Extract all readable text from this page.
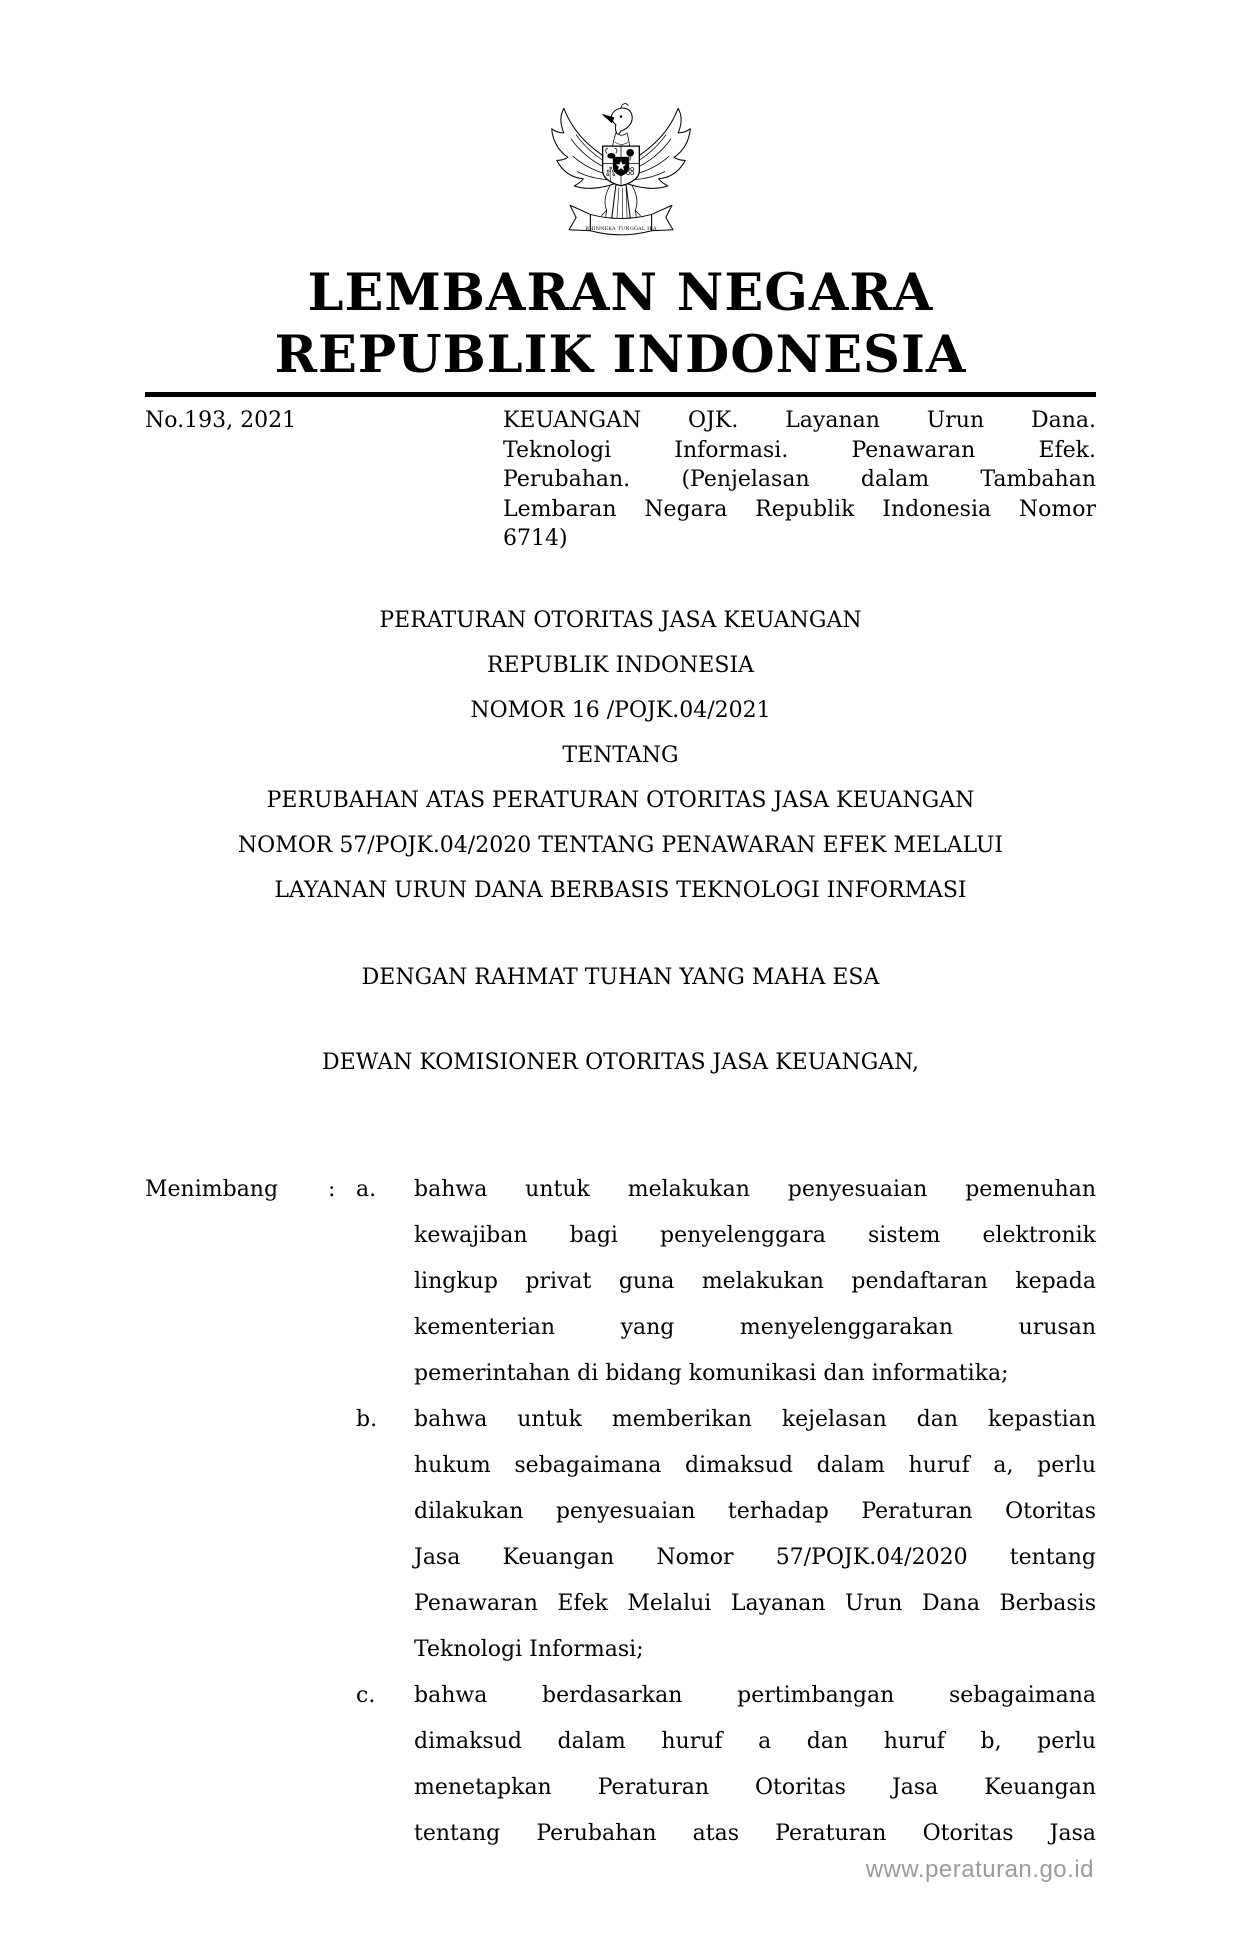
BHINNEKA TUNGGAL IKA
LEMBARAN NEGARA
REPUBLIK INDONESIA
No.193, 2021	KEUANGAN OJK. Layanan Urun Dana.
Teknologi Informasi. Penawaran Efek.
Perubahan. (Penjelasan dalam Tambahan
Lembaran Negara Republik Indonesia Nomor
6714)
PERATURAN OTORITAS JASA KEUANGAN
REPUBLIK INDONESIA
NOMOR 16 /POJK.04/2021
TENTANG
PERUBAHAN ATAS PERATURAN OTORITAS JASA KEUANGAN
NOMOR 57/POJK.04/2020 TENTANG PENAWARAN EFEK MELALUI
LAYANAN URUN DANA BERBASIS TEKNOLOGI INFORMASI
DENGAN RAHMAT TUHAN YANG MAHA ESA
DEWAN KOMISIONER OTORITAS JASA KEUANGAN,
Menimbang	: a.	bahwa untuk melakukan penyesuaian pemenuhan
kewajiban bagi penyelenggara sistem elektronik
lingkup privat guna melakukan pendaftaran kepada
kementerian yang menyelenggarakan urusan
pemerintahan di bidang komunikasi dan informatika;
b.	bahwa untuk memberikan kejelasan dan kepastian
hukum sebagaimana dimaksud dalam huruf a, perlu
dilakukan penyesuaian terhadap Peraturan Otoritas
Jasa Keuangan Nomor 57/POJK.04/2020 tentang
Penawaran Efek Melalui Layanan Urun Dana Berbasis
Teknologi Informasi;
c.	bahwa berdasarkan pertimbangan sebagaimana
dimaksud dalam huruf a dan huruf b, perlu
menetapkan Peraturan Otoritas Jasa Keuangan
tentang Perubahan atas Peraturan Otoritas Jasa
www.peraturan.go.id
